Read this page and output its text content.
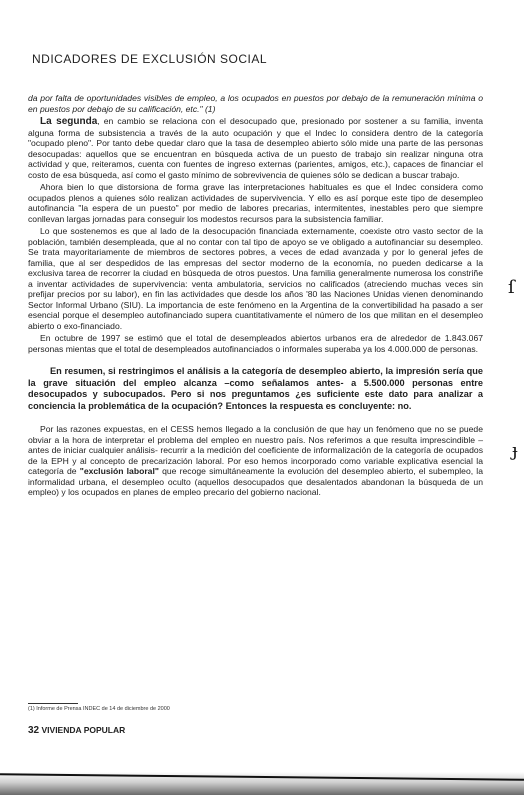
NDICADORES DE EXCLUSIÓN SOCIAL

da por falta de oportunidades visibles de empleo, a los ocupados en puestos por debajo de la remuneración mínima o en puestos por debajo de su calificación, etc." (1)

La segunda, en cambio se relaciona con el desocupado que, presionado por sostener a su familia, inventa alguna forma de subsistencia a través de la auto ocupación y que el Indec lo considera dentro de la categoría "ocupado pleno". Por tanto debe quedar claro que la tasa de desempleo abierto sólo mide una parte de las personas desocupadas: aquellos que se encuentran en búsqueda activa de un puesto de trabajo sin realizar ninguna otra actividad y que, reiteramos, cuenta con fuentes de ingreso externas (parientes, amigos, etc.), capaces de financiar el costo de esa búsqueda, así como el gasto mínimo de sobrevivencia de quienes sólo se dedican a buscar trabajo.

Ahora bien lo que distorsiona de forma grave las interpretaciones habituales es que el Indec considera como ocupados plenos a quienes sólo realizan actividades de supervivencia. Y ello es así porque este tipo de desempleo autofinancia "la espera de un puesto" por medio de labores precarias, intermitentes, inestables pero que siempre conllevan largas jornadas para conseguir los modestos recursos para la subsistencia familiar.

Lo que sostenemos es que al lado de la desocupación financiada externamente, coexiste otro vasto sector de la población, también desempleada, que al no contar con tal tipo de apoyo se ve obligado a autofinanciar su desempleo. Se trata mayoritariamente de miembros de sectores pobres, a veces de edad avanzada y por lo general jefes de familia, que al ser despedidos de las empresas del sector moderno de la economía, no pueden dedicarse a la exclusiva tarea de recorrer la ciudad en búsqueda de otros puestos. Una familia generalmente numerosa los constriñe a inventar actividades de supervivencia: venta ambulatoria, servicios no calificados (atreciendo muchas veces sin prefijar precios por su labor), en fin las actividades que desde los años '80 las Naciones Unidas vienen denominando Sector Informal Urbano (SIU). La importancia de este fenómeno en la Argentina de la convertibilidad ha pasado a ser esencial porque el desempleo autofinanciado supera cuantitativamente el número de los que militan en el desempleo abierto o exo-financiado.

En octubre de 1997 se estimó que el total de desempleados abiertos urbanos era de alrededor de 1.843.067 personas mientas que el total de desempleados autofinanciados o informales superaba ya los 4.000.000 de personas.

En resumen, si restringimos el análisis a la categoría de desempleo abierto, la impresión sería que la grave situación del empleo alcanza –como señalamos antes- a 5.500.000 personas entre desocupados y subocupados. Pero si nos preguntamos ¿es suficiente este dato para analizar a conciencia la problemática de la ocupación? Entonces la respuesta es concluyente: no.

Por las razones expuestas, en el CESS hemos llegado a la conclusión de que hay un fenómeno que no se puede obviar a la hora de interpretar el problema del empleo en nuestro país. Nos referimos a que resulta imprescindible –antes de iniciar cualquier análisis- recurrir a la medición del coeficiente de informalización de la categoría de ocupados de la EPH y al concepto de precarización laboral. Por eso hemos incorporado como variable explicativa esencial la categoría de "exclusión laboral" que recoge simultáneamente la evolución del desempleo abierto, el subempleo, la informalidad urbana, el desempleo oculto (aquellos desocupados que desalentados abandonan la búsqueda de un empleo) y los ocupados en planes de empleo precario del gobierno nacional.

(1) Informe de Prensa INDEC de 14 de diciembre de 2000
32 VIVIENDA POPULAR
ſ
ɟ
